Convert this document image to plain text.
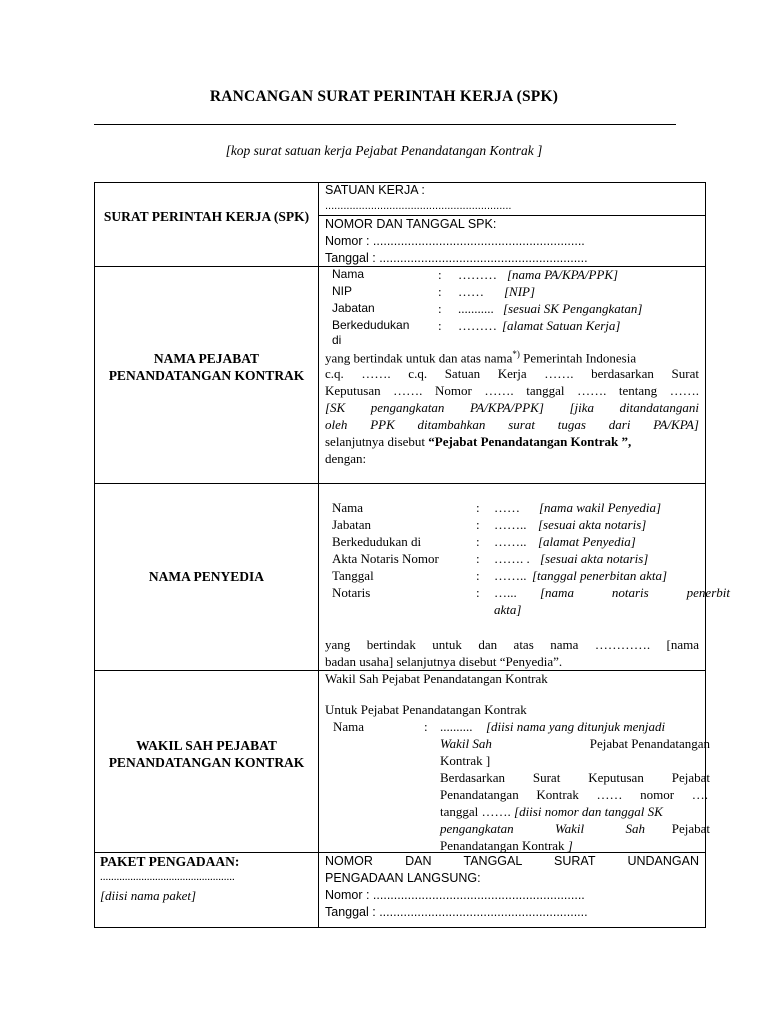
RANCANGAN SURAT PERINTAH KERJA (SPK)
[kop surat satuan kerja Pejabat Penandatangan Kontrak ]
SURAT PERINTAH KERJA (SPK)
SATUAN KERJA :
.............................................................
NOMOR DAN TANGGAL SPK:
Nomor : .............................................................
Tanggal : ............................................................
NAMA PEJABAT PENANDATANGAN KONTRAK
Nama	: ……… [nama PA/KPA/PPK]
NIP	: …… [NIP]
Jabatan	: ........... [sesuai SK Pengangkatan]
Berkedudukan : ……… [alamat Satuan Kerja]
di
yang bertindak untuk dan atas nama*) Pemerintah Indonesia
c.q. ……. c.q. Satuan Kerja ……. berdasarkan Surat
Keputusan ……. Nomor ……. tanggal ……. tentang …….
[SK pengangkatan PA/KPA/PPK] [jika ditandatangani
oleh PPK ditambahkan surat tugas dari PA/KPA]
selanjutnya disebut “Pejabat Penandatangan Kontrak ”,
dengan:
NAMA PENYEDIA
Nama	: …… [nama wakil Penyedia]
Jabatan	: …….. [sesuai akta notaris]
Berkedudukan di	: …….. [alamat Penyedia]
Akta Notaris Nomor	: ……. . [sesuai akta notaris]
Tanggal	: …….. [tanggal penerbitan akta]
Notaris	: …...	[nama notaris penerbit
akta]
yang bertindak untuk dan atas nama …………. [nama
badan usaha] selanjutnya disebut “Penyedia”.
WAKIL SAH PEJABAT PENANDATANGAN KONTRAK
Wakil Sah Pejabat Penandatangan Kontrak
Untuk Pejabat Penandatangan Kontrak
Nama	: .......... [diisi nama yang ditunjuk menjadi
Wakil Sah	Pejabat Penandatangan
Kontrak ]
Berdasarkan Surat Keputusan Pejabat
Penandatangan Kontrak …… nomor ….
tanggal ……. [diisi nomor dan tanggal SK
pengangkatan Wakil Sah Pejabat
Penandatangan Kontrak ]
PAKET PENGADAAN:
.................................................
[diisi nama paket]
NOMOR DAN TANGGAL SURAT UNDANGAN
PENGADAAN LANGSUNG:
Nomor : .............................................................
Tanggal : ............................................................
